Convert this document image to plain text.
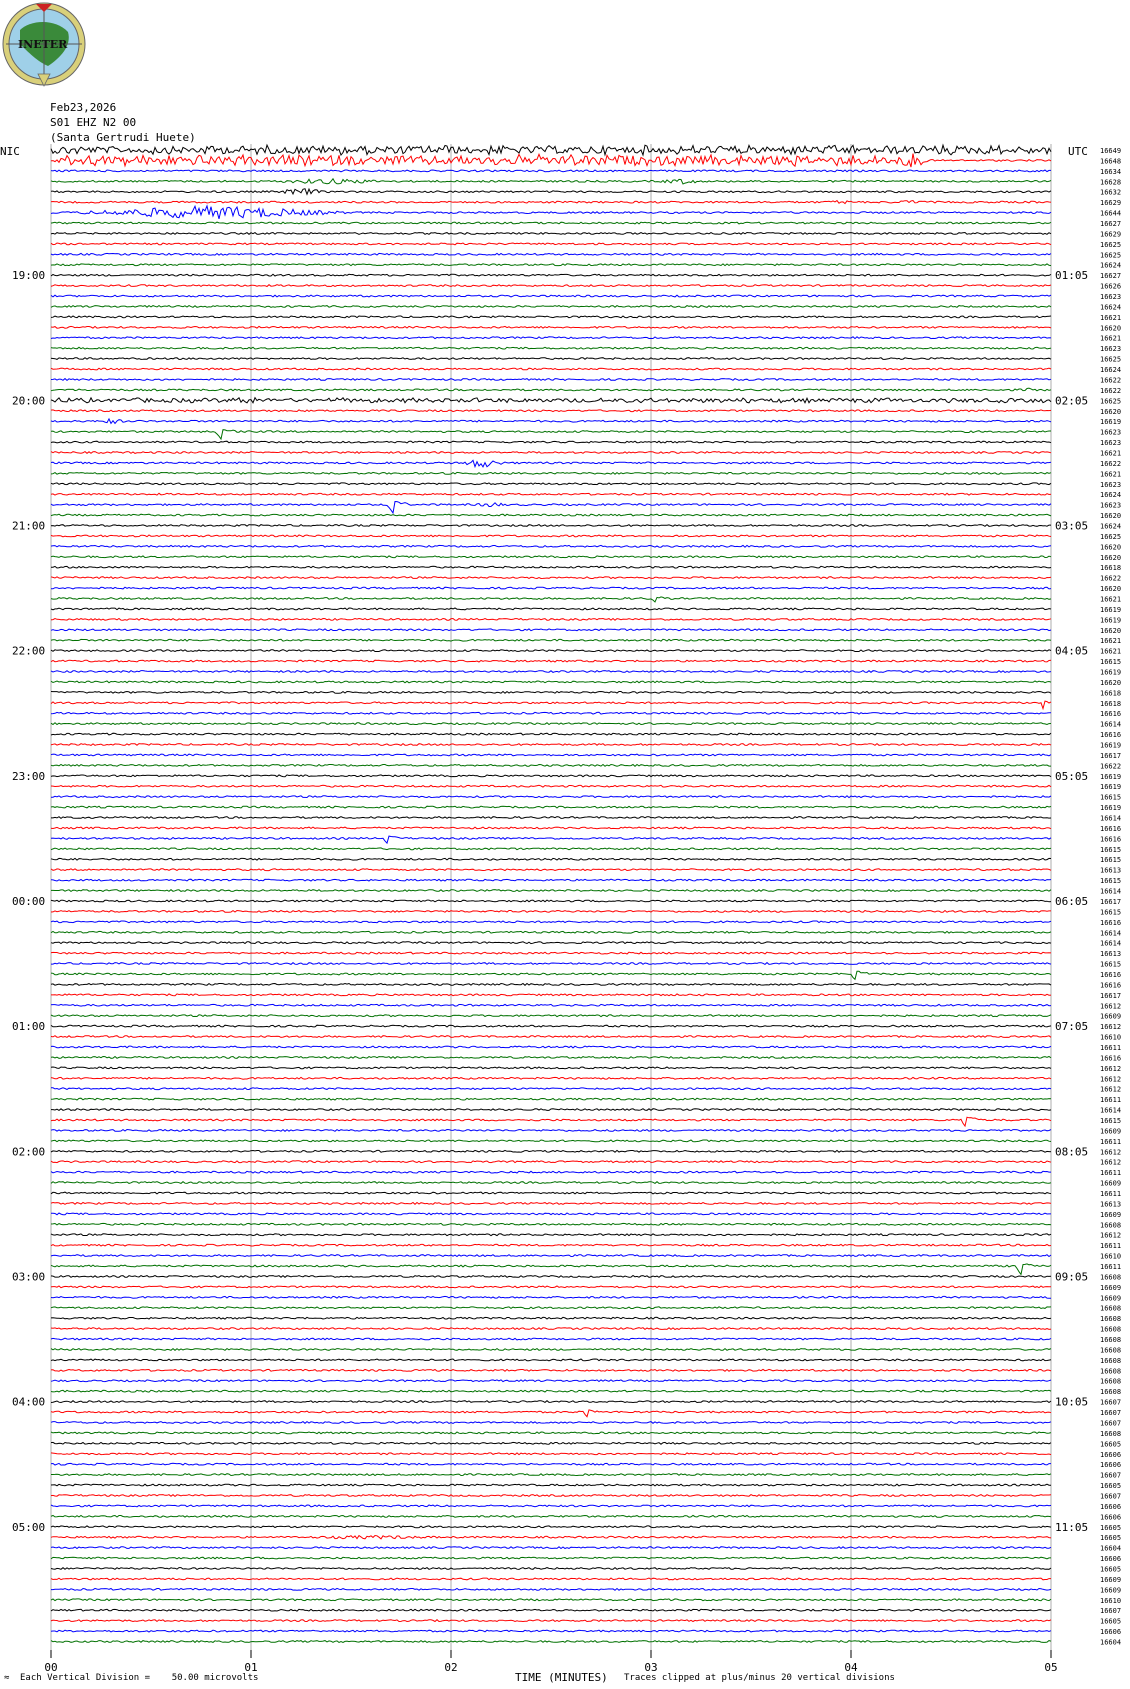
INETER
Feb23,2026
S01 EHZ N2 00
(Santa Gertrudi Huete)
NIC	UTC
19:00
20:00
21:00
22:00
23:00
00:00
01:00
02:00
03:00
04:00
05:00
01:05
02:05
03:05
04:05
05:05
06:05
07:05
08:05
09:05
10:05
11:05
16649
16648
16634
16628
16632
16629
16644
16627
16629
16625
16625
16624
16627
16626
16623
16624
16621
16620
16621
16623
16625
16624
16622
16622
16625
16620
16619
16623
16623
16621
16622
16621
16623
16624
16623
16620
16624
16625
16620
16620
16618
16622
16620
16621
16619
16619
16620
16621
16621
16615
16619
16620
16618
16618
16616
16614
16616
16619
16617
16622
16619
16619
16615
16619
16614
16616
16616
16615
16615
16613
16615
16614
16617
16615
16616
16614
16614
16613
16615
16616
16616
16617
16612
16609
16612
16610
16611
16616
16612
16612
16612
16611
16614
16615
16609
16611
16612
16612
16611
16609
16611
16613
16609
16608
16612
16611
16610
16611
16608
16609
16609
16608
16608
16608
16608
16608
16608
16608
16608
16608
16607
16607
16607
16608
16605
16606
16606
16607
16605
16607
16606
16606
16605
16605
16604
16606
16605
16609
16609
16610
16607
16605
16606
16604
00	01	02	03	04	05
TIME (MINUTES)
≈ Each Vertical Division =    50.00 microvolts	Traces clipped at plus/minus 20 vertical divisions
